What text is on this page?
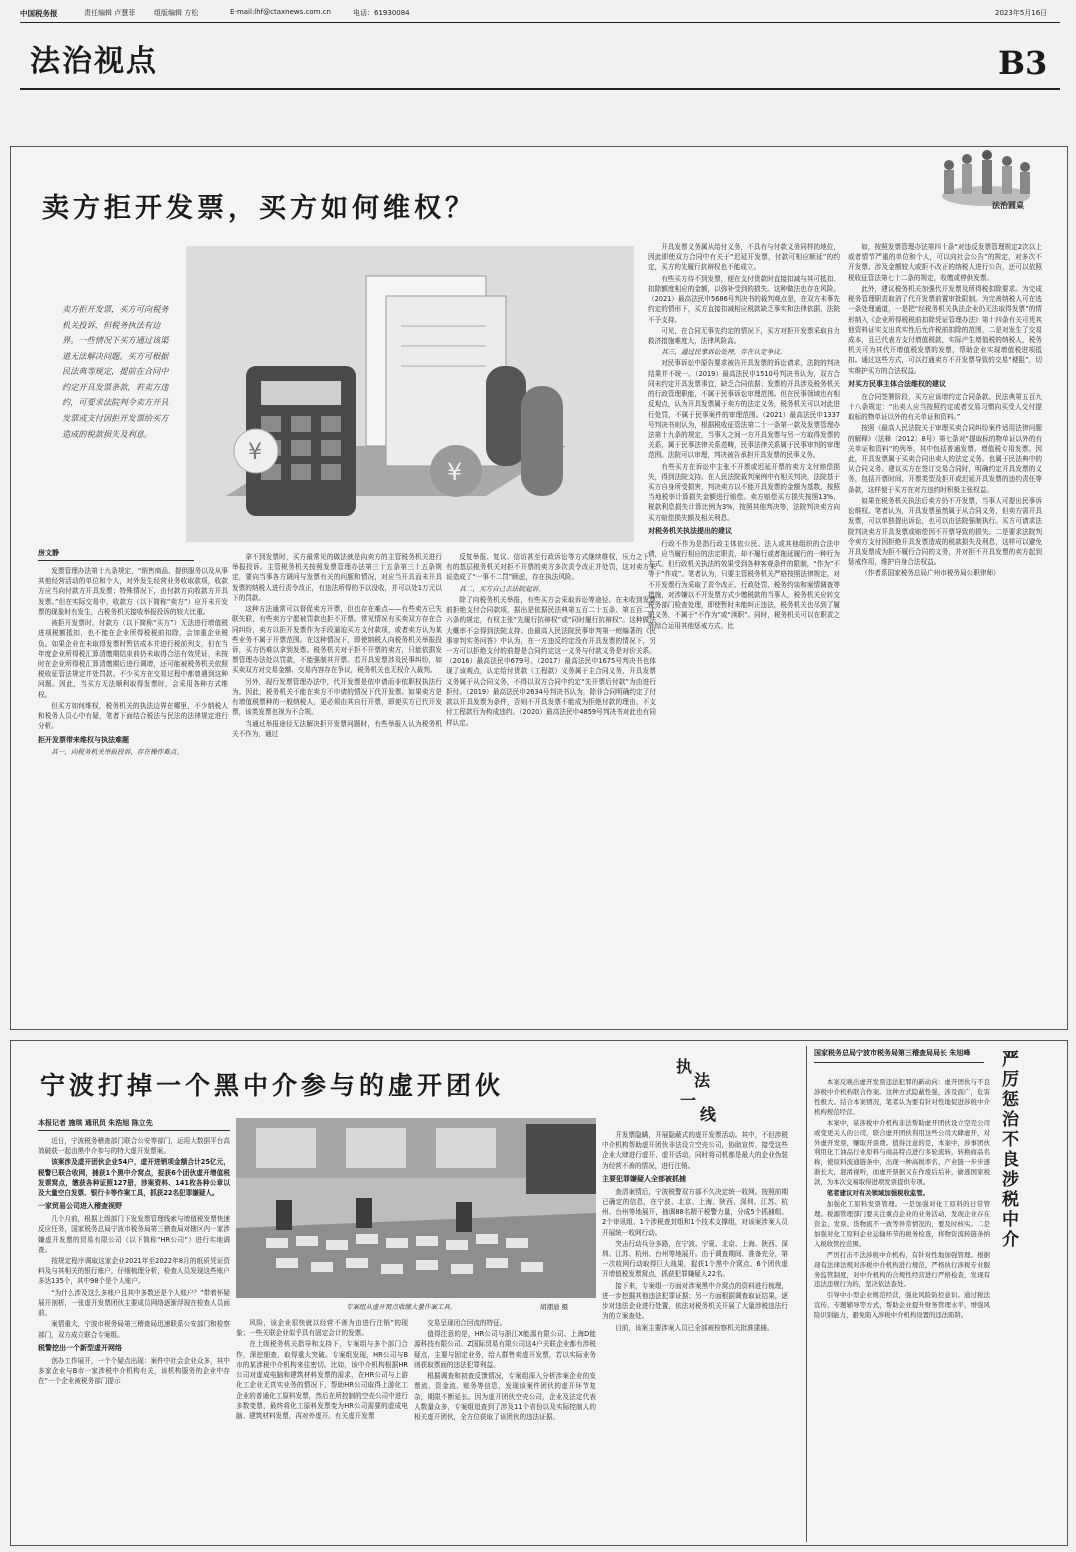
中国税务报	责任编辑 卢慧菲	组版编辑 方松	E-mail:lhf@ctaxnews.com.cn	电话：61930084	2023年5月16日
法治视点	B3
卖方拒开发票，买方如何维权？	法治圆桌
卖方拒开发票，买方可向税务机关投诉，但税务执法有边界。一些情况下买方通过该渠道无法解决问题。买方可根据民法典等规定，提前在合同中约定开具发票条款，若卖方违约，可要求法院判令卖方开具发票或支付因拒开发票给买方造成的税款损失及利息。
¥
¥
房文静

发票管理办法第十九条规定，“销售商品、提供服务以及从事其他经营活动的单位和个人，对外发生经营业务收取款项，收款方应当向付款方开具发票；特殊情况下，由付款方向收款方开具发票。”但在实际交易中，收款方（以下简称“卖方”）应开未开发票的现象时有发生，占税务机关接收举报投诉的较大比重。

被拒开发票时，付款方（以下简称“买方”）无法进行增值税进项税额抵扣，也不能在企业所得税税前扣除，会加重企业税负。如果企业在未取得发票时暂估成本并进行税前列支，但在当年度企业所得税汇算清缴期结束前仍未取得合法有效凭证，未按时在企业所得税汇算清缴期后进行调增，还可能被税务机关依照税收征管法规定并处罚款。不少买方在交易过程中都曾遇到这种问题。因此，当买方无法顺利取得发票时，会采用各种方式维权。

但买方如何维权，税务机关的执法边界在哪里，不少纳税人和税务人员心中有疑，笔者下面结合税法与民法的法律规定进行分析。

拒开发票带来维权与执法难题

其一，向税务机关举报投诉，存在操作难点。

拿不到发票时，买方最常见的做法就是向卖方的主管税务机关进行举报投诉。主管税务机关按照发票管理办法第三十五条第三十五条规定，要向当事各方调问与发票有关的问题和情况，对应当开具而未开具发票的纳税人进行责令改正，有违法所得的予以没收，并可以处1万元以下的罚款。

这种方法通常可以督促卖方开票，但也存在难点——有些卖方已失联失联，有些卖方宁愿被罚款也拒不开票。常见情况有买卖双方存在合同纠纷，卖方以拒开发票作为手段逼迫买方支付款项，或者卖方认为某些业务不属于开票范围。在这种情况下，即使纳税人向税务机关举报投诉，买方仍难以拿到发票。税务机关对于拒不开票的卖方，只能依据发票管理办法处以罚款，不能强制其开票。若开具发票涉及民事纠纷，如买卖双方对交易金额、交易内容存在争议，税务机关也无权介入裁判。

另外，现行发票管理办法中，代开发票是依申请而非依职权执法行为。因此，税务机关不能在卖方不申请的情况下代开发票。如果卖方是有增值税票种的一般纳税人，更必须由其自行开票，即便买方已代开发票，该类发票也视为不合规。

当通过举报途径无法解决拒开发票问题时，有些举报人认为税务机关不作为，通过

反复举报、复议、信访甚至行政诉讼等方式继续维权，压力之下，有的基层税务机关对拒不开票的卖方多次责令改正并处罚，这对卖方来说造成了“一事不二罚”顾虑，存在执法风险。

其二，买方自己去法院起诉。

除了向税务机关举报，有些买方会采取诉讼等途径。在未收到发票前拒绝支付合同款项，据出是依据民法典第五百二十五条、第五百二十六条的规定，有权主张“先履行抗辩权”或“同时履行抗辩权”。这种做法大概率不会得到法院支持。由最高人民法院民事审判第一庭编著的《民事审判实务问答》中认为，在一方违反约定没有开具发票的情况下，另一方可以拒绝支付的前提是合同约定这一义务与付款义务是对价关系。（2016）最高法民申679号、（2017）最高法民申1675号判决书也体现了该观点，认定给付货款（工程款）义务属于主合同义务，开具发票义务属于从合同义务，不得以双方合同中约定“先开票后付款”为由进行拒付。（2019）最高法民申2634号判决书认为，除非合同明确约定了付款以开具发票为条件，否则不开具发票不能成为拒绝付款的理由，不支付工程款行为构成违约。（2020）最高法民申4859号判决书对此也有同样认定。

开具发票义务属从给付义务，不具有与付款义务同样的地位，因此即使双方合同中有关于“迟延开发票，付款可相应顺延”的约定，买方的先履行抗辩权也不能成立。

有些买方待不到发票，便在支付货款时直接扣减与其可抵扣、扣除额度相应的金额，以弥补受到的损失。这种做法也存在风险。（2021）最高法民申5686号判决书的裁判观点是，在双方未事先约定的情形下，买方直接扣减相应税款缺乏事实和法律依据，法院不予支持。

可见，在合同无事先约定的情况下，买方对拒开发票采取自力救济措施难度大，法律风险高。

其三，通过民事诉讼处理，存在认定争议。

对民事诉讼中原告要求被告开具发票的诉讼请求，法院的判决结果并不统一。（2019）最高法民申1510号判决书认为，双方合同未约定开具发票事宜，缺乏合同依据；发票的开具涉及税务机关的行政管理职能，不属于民事诉讼审理范围。但在民事领域也有相反观点，认为开具发票属于卖方的法定义务，税务机关可以对此进行处罚，不属于民事案件的审理范围。（2021）最高法民申1337号判决书则认为，根据税收征管法第二十一条第一款及发票管理办法第十九条的规定，当事人之间一方开具发票与另一方取得发票的关系，属于民事法律关系范畴，民事法律关系属于民事审判的审理范围。法院可以审理，判决被告承担开具发票的民事义务。

有些买方在诉讼中主张不开票或迟延开票的卖方支付赔偿损失，得到法院支持。在人民法院裁判案例中有相关判决，法院基于买方自身所受损害，判决卖方以不能开具发票的金额为基数，按照当地税率计算损失金额进行赔偿。卖方赔偿买方损失按照13%、税款利息损失计算比例为3%，按照其他判决等，法院判决卖方向买方赔偿损失额及相关利息。

对税务机关执法提出的建议

行政不作为是指行政主体依公民、法人或其他组织的合法申请，应当履行相应的法定职责，却不履行或者拖延履行的一种行为方式。但行政机关执法的效果受到各种客观条件的限制，“作为”不等于“作成”。笔者认为，只要主管税务机关严格按照法律规定，对不开发票行为采取了责令改正、行政处罚、税务约谈和案情调查等措施，对涉嫌以不开发票方式少缴税款的当事人，税务机关应转交税务部门检查处理，即使暂时未能纠正违法，税务机关也尽到了履职义务，不属于“不作为”或“渎职”。同时，税务机关可以在职责之外综合运用其他惩戒方式。比

如，按照发票管理办法第四十条“对违反发票管理规定2次以上或者情节严重的单位和个人，可以向社会公告”的规定，对多次不开发票、涉及金额较大或拒不改正的纳税人进行公告，还可以依照税收征管法第七十二条的规定，收缴或停供发票。

此外，建议税务机关加强代开发票及所得税扣除要求。为完成税务管理职责取消了代开发票前置审批限制。为完善纳税人可在选一条处理通道，一是把“经税务机关执法企业仍无法取得发票”的情形纳入《企业所得税税前扣除凭证管理办法》第十四条有关可凭其他资料证实支出真实性后允许税前扣除的范围，二是对发生了交易成本，且已代表方支付增值税款，实际产生增值税的纳税人，税务机关可为其代开增值税发票的发票，帮助企业实现增值税进项抵扣。通过这些方式，可以打通卖方不开发票导致的交易“梗阻”，切实维护买方的合法权益。

对买方民事主体合法维权的建议

在合同签署阶段，买方应该增约定合同条款。民法典第五百九十八条规定：“出卖人应当按照约定或者交易习惯向买受人交付提取标的物单证以外的有关单证和资料。”

按照《最高人民法院关于审理买卖合同纠纷案件适用法律问题的解释》（法释〔2012〕8号）第七条对“提取标的物单证以外的有关单证和资料”的列举，其中包括普通发票、增值税专用发票。因此，开具发票属于买卖合同出卖人的法定义务。也属于民法典中的从合同义务。建议买方在签订交易合同时，明确约定开具发票的义务，包括开票时间、开票类型及拒开或迟延开具发票的违约责任等条款，这样便于买方在对方违约时积极主张权益。

如果在税务机关执法后卖方仍不开发票，当事人可提出民事诉讼维权。笔者认为，开具发票虽然属于从合同义务，但卖方需开具发票，可以单独提出诉讼，也可以由法院强制执行。买方可请求法院判决卖方开具发票或赔偿因不开票导致的损失。二是要求法院判令卖方支付因拒绝开具发票造成的税款损失及利息，这样可以避免开具发票成为拒不履行合同的义务，并对拒不开具发票的卖方起到惩戒作用，维护自身合法权益。

（作者系国家税务总局广州市税务局公职律师）

宁波打掉一个黑中介参与的虚开团伙
执
法
一
线
本报记者 施琪 通讯员 朱浩旭 陈立先

近日，宁波税务稽查部门联合公安等部门，运用大数据平台高效破获一起由黑中介参与的特大虚开发票案。

该案涉及虚开团伙企业54户，虚开进销项金额合计25亿元，税警已联合收网，捕获1个黑中介窝点，捉获6个团伙虚开增值税发票窝点，缴获各种证照127册，涉案资料、141枚各种公章以及大量空白发票、银行卡等作案工具，抓获22名犯罪嫌疑人。

一家贸易公司进入稽查视野

几个月前，根据上级部门下发发票管理线索与增值税发票快速反应任务，国家税务总局宁波市税务局第三稽查局对辖区内一家涉嫌虚开发票的贸易有限公司（以下简称“HR公司”）进行实地调查。

按规定程序调取这家企业2021年至2022年8月的纸质凭证资料及与其相关的银行账户，仔细梳理分析，检查人员发现这些账户多达135个，其中98个是个人账户。

“为什么涉及这么多账户且其中多数还是个人账户？”带着怀疑展开剖析，一张虚开发票团伙主要成员网络逐渐浮现在检查人员面前。

案情重大，宁波市税务局第三稽查局迅速联系公安部门和检察部门，双方成立联合专案组。

税警挖出一个新型虚开网络

创办工作展开，一个个疑点出现：案件中社会企业众多，其中多家企业与B市一家涉税中介机构有关，该机构服务的企业中存在“一个企业被税务部门提示

专案组从虚开窝点收缴大量作案工具。	胡潮迪 摄

风险，该企业很快就以经营不善为由进行注销”的现象；一些关联企业似乎具有固定会计的发票。

在上级税务机关指导和支持下，专案组与多个部门合作，深挖细查，取得重大突破。专案组发现，HR公司与B市的某涉税中介机构来往密切。比如，该中介机构根据HR公司对虚成电脑和建筑材料发票的需求，在HR公司与上游化工企业无真实业务的情况下，帮助HR公司取得上游化工企业的普通化工原料发票，然后在所控制的空壳公司中进行多数变票，最终将化工原料发票变为HR公司需要的虚成电脑、建筑材料发票，再对外虚开。有关虚开发票

交易呈现闭合回流的特征。

值得注意的是，HR公司与浙江X能源有限公司、上海D能源科技有限公司、Z国际贸易有限公司这4户关联企业都有涉税疑点，主要与固定业务，给人群售卖虚开发票，若以实际业务则获取票面的违法犯罪利益。

根据调查和初查反馈情况，专案组深入分析涉案企业的发票流、资金流、账务等信息，发现该案件团伙的虚开环节复杂，期限不断延长。因为虚开团伙空壳公司，企业及法定代表人数量众多，专案组追查到了涉及11个省份以及实际控制人的相关虚开团伙，全方位获取了该团伙的违法证据。

开发票隐瞒，开展隐蔽式的虚开发票活动。其中，不但涉税中介机构帮助虚开团伙非法设立空壳公司，协助宣传，接受这些企业大肆进行虚开、虚开活动，同时将司机都是最大的企业伪装为经营不善的情况，进行注销。

主要犯罪嫌疑人全部被抓捕

查清案情后，宁波税警双方部不久决定统一收网。按照前期已确定的信息，在宁波、北京、上海、陕西、深圳、江苏、杭州、台州等地展开，抽调88名精干税警力量，分成5个抓捕组、2个审讯组、1个涉税查封组和1个技术支撑组，对该案涉案人员开展统一收网行动。

突击行动兵分多路，在宁波、宁夏、北京、上海、陕西、深圳、江苏、杭州、台州等地展开。由于调查期间、准备充分，第一次收网行动取得巨大战果，捉获1个黑中介窝点、6个团伙虚开增值税发票窝点，抓获犯罪嫌疑人22名。

接下来，专案组一方面对涉案黑中介窝点的资料进行梳理，进一步挖掘其他违法犯罪证据；另一方面根据调查取证结果，逐步对违法企业进行处置，依法对税务机关开展了大量涉税违法行为的立案查处。

目前，该案主要涉案人员已全部被检察机关批准逮捕。

国家税务总局宁波市税务局第三稽查局局长 朱旭峰	严厉惩治不良涉税中介

本案反映出虚开发票违法犯罪的新动向：虚开团伙与不良涉税中介机构联合作案。这种方式隐蔽性强，涉及面广，危害性极大。结合本案情况，笔者认为要有针对性地促进涉税中介机构规范经营。

本案中，某涉税中介机构非法帮助虚开团伙设立空壳公司或变更关人的公司，联合虚开团伙利用这些公司大肆虚开，对外虚开发票，赚取开票费。值得注意的是，本案中，涉事团伙利用化工油品行业原料与商品特点进行多轮流转，转换商品名称，使原料流通链条中，出现一种高税率名，产业链一步步逐渐长大，混淆视听，而虚开票据又在作废后后补，偷逃国家税款，为本次交易取得进项发票提供专项。

笔者建议对有关领域加强税收监管。

加强化工原料发票管理。一是加强对化工原料的日常管理。税源管理部门要关注重点企业的业务活动，发现企业存在资金、发票、货物流不一致等异常情况的，要及时核实。二是加强对化工原料企业运输环节的税务检查，将物资流转链条纳入税收管控范围。

严厉打击不法涉税中介机构，有针对性地加强管理。根据现有法律法规对涉税中介机构进行规范，严格执行涉税专业服务监管制度，对中介机构的合规性经营进行严格检查，发现有违法违规行为的，坚决依法查处。

引导中小型企业规范经营，强化风险防控意识。通过税法宣传、专题辅导等方式，帮助企业提升财务管理水平，增强风险识别能力，避免陷入涉税中介机构设置的违法陷阱。
